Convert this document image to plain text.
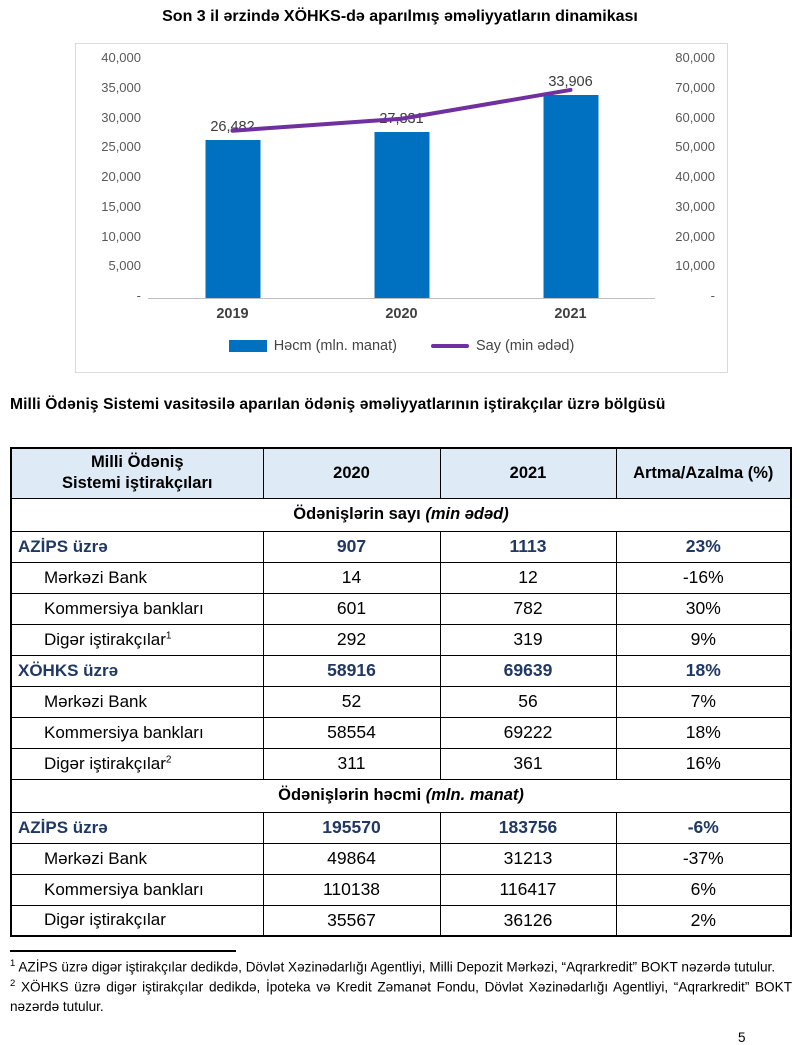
Son 3 il ərzində XÖHKS-də aparılmış əməliyyatların dinamikası
40,000
35,000
30,000
25,000
20,000
15,000
10,000
5,000
-
80,000
70,000
60,000
50,000
40,000
30,000
20,000
10,000
-
26,482
27,831
33,906
2019	2020	2021
Həcm (mln. manat)	Say (min ədəd)
Milli Ödəniş Sistemi vasitəsilə aparılan ödəniş əməliyyatlarının iştirakçılar üzrə bölgüsü
Milli Ödəniş
Sistemi iştirakçıları	2020	2021	Artma/Azalma (%)
Ödənişlərin sayı (min ədəd)			
AZİPS üzrə	907	1113	23%
Mərkəzi Bank	14	12	-16%
Kommersiya bankları	601	782	30%
Digər iştirakçılar$^1$	292	319	9%
XÖHKS üzrə	58916	69639	18%
Mərkəzi Bank	52	56	7%
Kommersiya bankları	58554	69222	18%
Digər iştirakçılar$^2$	311	361	16%
Ödənişlərin həcmi (mln. manat)			
AZİPS üzrə	195570	183756	-6%
Mərkəzi Bank	49864	31213	-37%
Kommersiya bankları	110138	116417	6%
Digər iştirakçılar	35567	36126	2%

$^1$ AZİPS üzrə digər iştirakçılar dedikdə, Dövlət Xəzinədarlığı Agentliyi, Milli Depozit Mərkəzi, “Aqrarkredit” BOKT nəzərdə tutulur.

$^2$ XÖHKS üzrə digər iştirakçılar dedikdə, İpoteka və Kredit Zəmanət Fondu, Dövlət Xəzinədarlığı Agentliyi, “Aqrarkredit” BOKT nəzərdə tutulur.

5
